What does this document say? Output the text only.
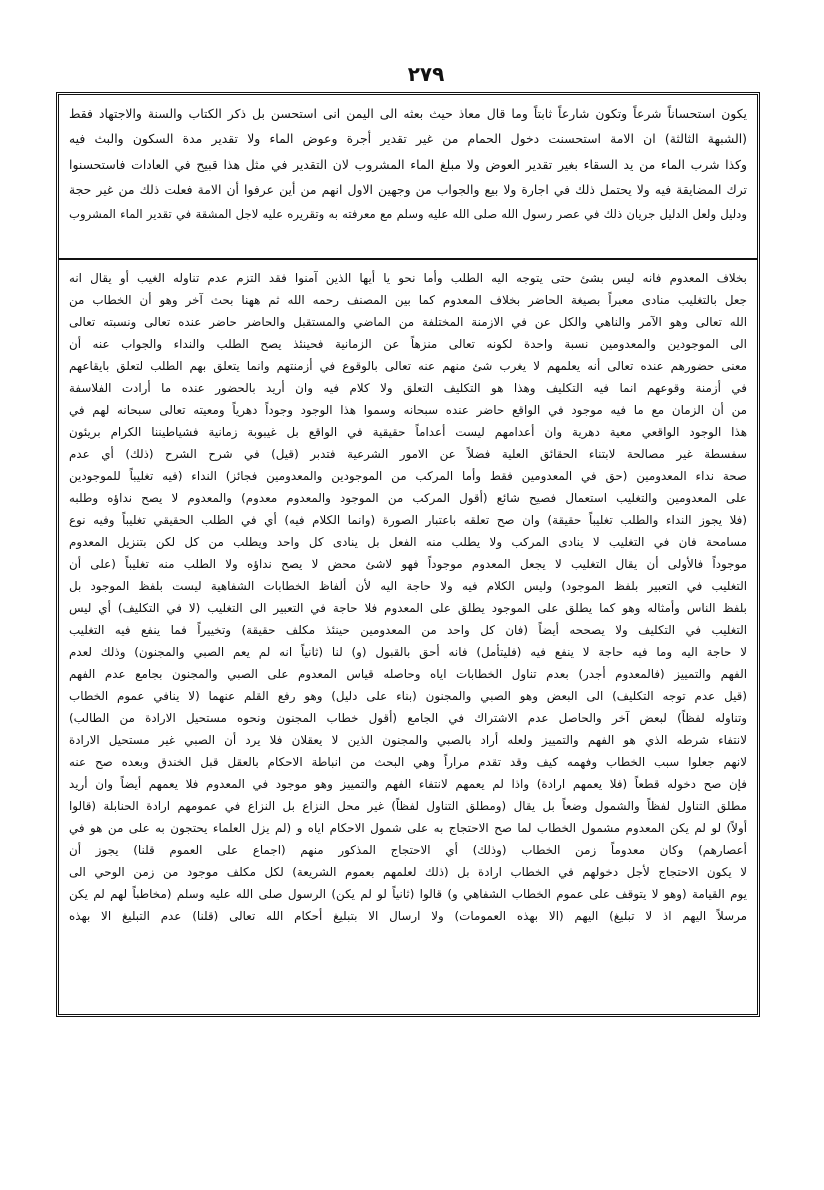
٢٧٩
يكون استحساناً شرعاً وتكون شارعاً ثابتاً وما قال معاذ حيث بعثه الى اليمن انى استحسن بل ذكر الكتاب والسنة والاجتهاد فقط
(الشبهة الثالثة) ان الامة استحسنت دخول الحمام من غير تقدير أجرة وعوض الماء ولا تقدير مدة السكون والبث فيه
وكذا شرب الماء من يد السقاء بغير تقدير العوض ولا مبلغ الماء المشروب لان التقدير في مثل هذا قبيح في العادات فاستحسنوا
ترك المضايقة فيه ولا يحتمل ذلك في اجارة ولا بيع والجواب من وجهين الاول انهم من أين عرفوا أن الامة فعلت ذلك من غير حجة
ودليل ولعل الدليل جريان ذلك في عصر رسول الله صلى الله عليه وسلم مع معرفته به وتقريره عليه لاجل المشقة في تقدير الماء المشروب
بخلاف المعدوم فانه ليس بشئ حتى يتوجه اليه الطلب وأما نحو يا أيها الذين آمنوا فقد التزم عدم تناوله الغيب أو يقال انه
جعل بالتغليب منادى معبراً بصيغة الحاضر بخلاف المعدوم كما بين المصنف رحمه الله ثم ههنا بحث آخر وهو أن الخطاب من
الله تعالى وهو الآمر والناهي والكل عن في الازمنة المختلفة من الماضي والمستقبل والحاضر حاضر عنده تعالى ونسبته تعالى
الى الموجودين والمعدومين نسبة واحدة لكونه تعالى منزهاً عن الزمانية فحينئذ يصح الطلب والنداء والجواب عنه أن
معنى حضورهم عنده تعالى أنه يعلمهم لا يغرب شئ منهم عنه تعالى بالوقوع في أزمنتهم وانما يتعلق بهم الطلب لتعلق بايقاعهم
في أزمنة وقوعهم انما فيه التكليف وهذا هو التكليف التعلق ولا كلام فيه وان أريد بالحضور عنده ما أرادت الفلاسفة
من أن الزمان مع ما فيه موجود في الواقع حاضر عنده سبحانه وسموا هذا الوجود وجوداً دهرياً ومعيته تعالى سبحانه لهم في
هذا الوجود الواقعي معية دهرية وان أعدامهم ليست أعداماً حقيقية في الواقع بل غيبوبة زمانية فشياطيننا الكرام بريئون
سفسطة غير مصالحة لابتناء الحقائق العلية فضلاً عن الامور الشرعية فتدبر (قيل) في شرح الشرح (ذلك) أي عدم
صحة نداء المعدومين (حق في المعدومين فقط وأما المركب من الموجودين والمعدومين فجائز) النداء (فيه تغليباً للموجودين
على المعدومين والتغليب استعمال فصيح شائع (أقول المركب من الموجود والمعدوم معدوم) والمعدوم لا يصح نداؤه وطلبه
(فلا يجوز النداء والطلب تغليباً حقيقة) وان صح تعلقه باعتبار الصورة (وانما الكلام فيه) أي في الطلب الحقيقي تغليباً وفيه نوع
مسامحة فان في التغليب لا ينادى المركب ولا يطلب منه الفعل بل ينادى كل واحد ويطلب من كل لكن بتنزيل المعدوم
موجوداً فالأولى أن يقال التغليب لا يجعل المعدوم موجوداً فهو لاشئ محض لا يصح نداؤه ولا الطلب منه تغليباً (على أن
التغليب في التعبير بلفظ الموجود) وليس الكلام فيه ولا حاجة اليه لأن ألفاظ الخطابات الشفاهية ليست بلفظ الموجود بل
بلفظ الناس وأمثاله وهو كما يطلق على الموجود يطلق على المعدوم فلا حاجة في التعبير الى التغليب (لا في التكليف) أي ليس
التغليب في التكليف ولا يصححه أيضاً (فان كل واحد من المعدومين حينئذ مكلف حقيقة) وتخييراً فما ينفع فيه التغليب
لا حاجة اليه وما فيه حاجة لا ينفع فيه (فليتأمل) فانه أحق بالقبول (و) لنا (ثانياً انه لم يعم الصبي والمجنون) وذلك لعدم
الفهم والتمييز (فالمعدوم أجدر) بعدم تناول الخطابات اياه وحاصله قياس المعدوم على الصبي والمجنون بجامع عدم الفهم
(قيل عدم توجه التكليف) الى البعض وهو الصبي والمجنون (بناء على دليل) وهو رفع القلم عنهما (لا ينافي عموم الخطاب
وتناوله لفظاً) لبعض آخر والحاصل عدم الاشتراك في الجامع (أقول خطاب المجنون ونحوه مستحيل الارادة من الطالب)
لانتفاء شرطه الذي هو الفهم والتمييز ولعله أراد بالصبي والمجنون الذين لا يعقلان فلا يرد أن الصبي غير مستحيل الارادة
لانهم جعلوا سبب الخطاب وفهمه كيف وقد تقدم مراراً وهي البحث من انباطة الاحكام بالعقل قبل الخندق وبعده صح عنه
فإن صح دخوله قطعاً (فلا يعمهم ارادة) واذا لم يعمهم لانتفاء الفهم والتمييز وهو موجود في المعدوم فلا يعمهم أيضاً وان أريد
مطلق التناول لفظاً والشمول وضعاً بل يقال (ومطلق التناول لفظاً) غير محل النزاع بل النزاع في عمومهم ارادة الحنابلة (قالوا
أولاً) لو لم يكن المعدوم مشمول الخطاب لما صح الاحتجاج به على شمول الاحكام اياه و (لم يزل العلماء يحتجون به على من هو في
أعصارهم) وكان معدوماً زمن الخطاب (وذلك) أي الاحتجاج المذكور منهم (اجماع على العموم قلنا) يجوز أن
لا يكون الاحتجاج لأجل دخولهم في الخطاب ارادة بل (ذلك لعلمهم بعموم الشريعة) لكل مكلف موجود من زمن الوحي الى
يوم القيامة (وهو لا يتوقف على عموم الخطاب الشفاهي و) قالوا (ثانياً لو لم يكن) الرسول صلى الله عليه وسلم (مخاطباً لهم لم يكن
مرسلاً اليهم اذ لا تبليغ) اليهم (الا بهذه العمومات) ولا ارسال الا بتبليغ أحكام الله تعالى (قلنا) عدم التبليغ الا بهذه
